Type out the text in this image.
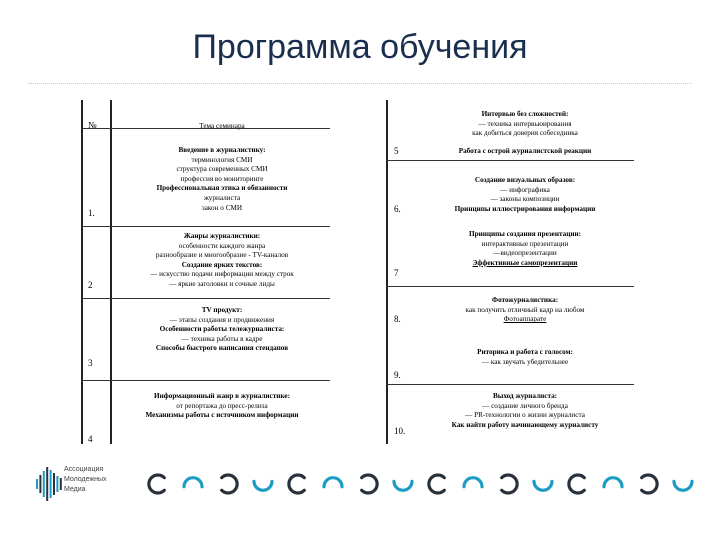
Программа обучения
№	Тема семинара
1.
Введение в журналистику:
терминология СМИ
структура современных СМИ
профессия во мониторинге
Профессиональная этика и обязанности
журналиста
закон о СМИ
2
Жанры журналистики:
особенности каждого жанра
разнообразие и многообразие - TV-каналов
Создание ярких текстов:
— искусство подачи информации между строк
— яркие заголовки и сочные лиды
3
TV продукт:
— этапы создания и продвижения
Особенности работы тележурналиста:
— техника работы в кадре
Способы быстрого написания стендапов
4
Информационный жанр в журналистике:
от репортажа до пресс-релиза
Механизмы работы с источником информации
Интервью без сложностей:
— техника интервьюирования
как добиться доверия собеседника
5	Работа с острой журналистской реакции
6.
Создание визуальных образов:
— инфографика
— законы композиции
Принципы иллюстрирования информации
7
Принципы создания презентации:
интерактивные презентации
—видеопрезентации
Эффективные самопрезентации
8.
Фотожурналистика:
как получить отличный кадр на любом
Фотоаппарате
9.
Риторика и работа с голосом:
— как звучать убедительнее
10.
Выход журналиста:
— создание личного бренда
— PR-технологии о жизни журналиста
Как найти работу начинающему журналисту
Ассоциация
Молодежных
Медиа
